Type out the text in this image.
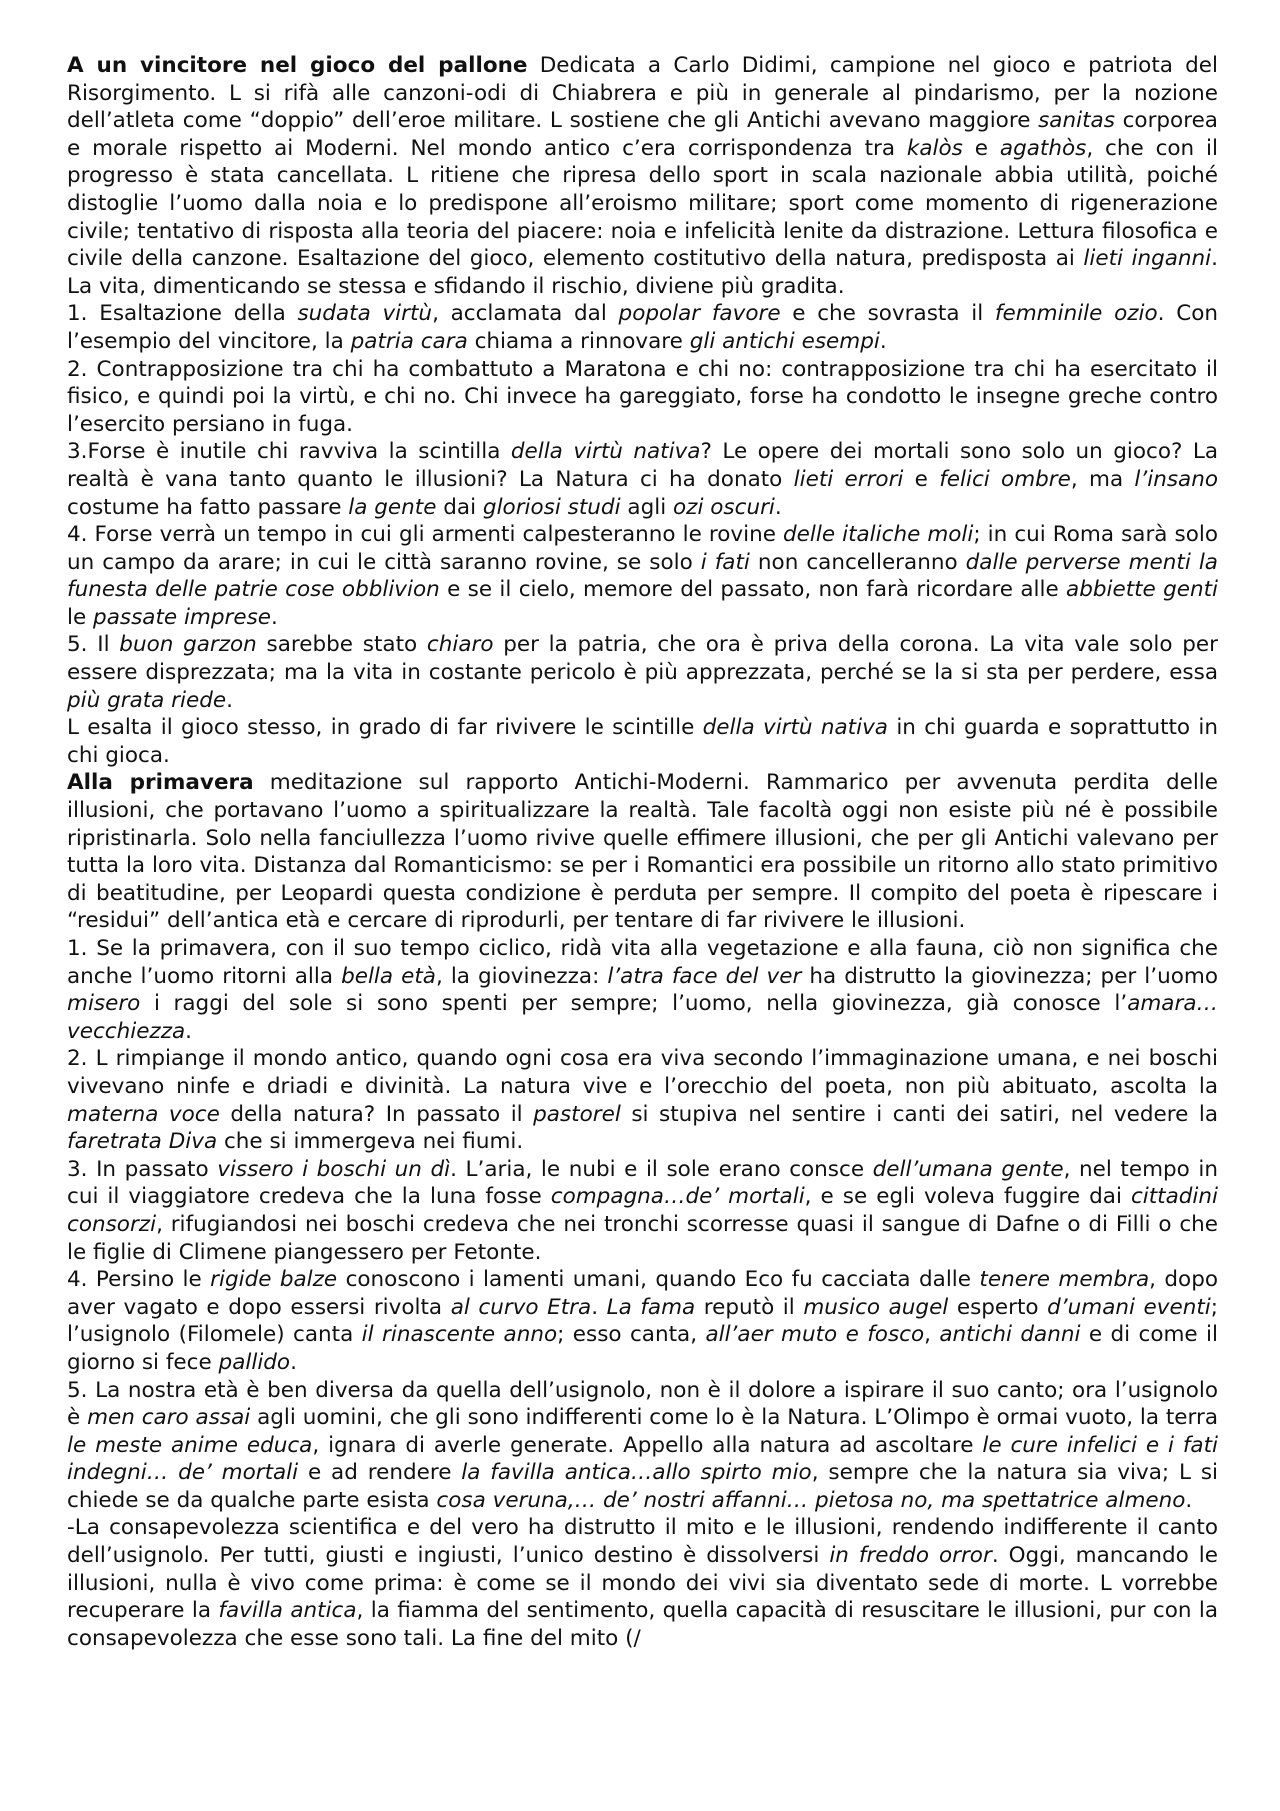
A un vincitore nel gioco del pallone Dedicata a Carlo Didimi, campione nel gioco e patriota del Risorgimento. L si rifà alle canzoni-odi di Chiabrera e più in generale al pindarismo, per la nozione dell’atleta come “doppio” dell’eroe militare. L sostiene che gli Antichi avevano maggiore sanitas corporea e morale rispetto ai Moderni. Nel mondo antico c’era corrispondenza tra kalòs e agathòs, che con il progresso è stata cancellata. L ritiene che ripresa dello sport in scala nazionale abbia utilità, poiché distoglie l’uomo dalla noia e lo predispone all’eroismo militare; sport come momento di rigenerazione civile; tentativo di risposta alla teoria del piacere: noia e infelicità lenite da distrazione. Lettura filosofica e civile della canzone. Esaltazione del gioco, elemento costitutivo della natura, predisposta ai lieti inganni. La vita, dimenticando se stessa e sfidando il rischio, diviene più gradita.

1. Esaltazione della sudata virtù, acclamata dal popolar favore e che sovrasta il femminile ozio. Con l’esempio del vincitore, la patria cara chiama a rinnovare gli antichi esempi.

2. Contrapposizione tra chi ha combattuto a Maratona e chi no: contrapposizione tra chi ha esercitato il fisico, e quindi poi la virtù, e chi no. Chi invece ha gareggiato, forse ha condotto le insegne greche contro l’esercito persiano in fuga.

3.Forse è inutile chi ravviva la scintilla della virtù nativa? Le opere dei mortali sono solo un gioco? La realtà è vana tanto quanto le illusioni? La Natura ci ha donato lieti errori e felici ombre, ma l’insano costume ha fatto passare la gente dai gloriosi studi agli ozi oscuri.

4. Forse verrà un tempo in cui gli armenti calpesteranno le rovine delle italiche moli; in cui Roma sarà solo un campo da arare; in cui le città saranno rovine, se solo i fati non cancelleranno dalle perverse menti la funesta delle patrie cose obblivion e se il cielo, memore del passato, non farà ricordare alle abbiette genti le passate imprese.

5. Il buon garzon sarebbe stato chiaro per la patria, che ora è priva della corona. La vita vale solo per essere disprezzata; ma la vita in costante pericolo è più apprezzata, perché se la si sta per perdere, essa più grata riede.

L esalta il gioco stesso, in grado di far rivivere le scintille della virtù nativa in chi guarda e soprattutto in chi gioca.

Alla primavera meditazione sul rapporto Antichi-Moderni. Rammarico per avvenuta perdita delle illusioni, che portavano l’uomo a spiritualizzare la realtà. Tale facoltà oggi non esiste più né è possibile ripristinarla. Solo nella fanciullezza l’uomo rivive quelle effimere illusioni, che per gli Antichi valevano per tutta la loro vita. Distanza dal Romanticismo: se per i Romantici era possibile un ritorno allo stato primitivo di beatitudine, per Leopardi questa condizione è perduta per sempre. Il compito del poeta è ripescare i “residui” dell’antica età e cercare di riprodurli, per tentare di far rivivere le illusioni.

1. Se la primavera, con il suo tempo ciclico, ridà vita alla vegetazione e alla fauna, ciò non significa che anche l’uomo ritorni alla bella età, la giovinezza: l’atra face del ver ha distrutto la giovinezza; per l’uomo misero i raggi del sole si sono spenti per sempre; l’uomo, nella giovinezza, già conosce l’amara…vecchiezza.

2. L rimpiange il mondo antico, quando ogni cosa era viva secondo l’immaginazione umana, e nei boschi vivevano ninfe e driadi e divinità. La natura vive e l’orecchio del poeta, non più abituato, ascolta la materna voce della natura? In passato il pastorel si stupiva nel sentire i canti dei satiri, nel vedere la faretrata Diva che si immergeva nei fiumi.

3. In passato vissero i boschi un dì. L’aria, le nubi e il sole erano consce dell’umana gente, nel tempo in cui il viaggiatore credeva che la luna fosse compagna…de’ mortali, e se egli voleva fuggire dai cittadini consorzi, rifugiandosi nei boschi credeva che nei tronchi scorresse quasi il sangue di Dafne o di Filli o che le figlie di Climene piangessero per Fetonte.

4. Persino le rigide balze conoscono i lamenti umani, quando Eco fu cacciata dalle tenere membra, dopo aver vagato e dopo essersi rivolta al curvo Etra. La fama reputò il musico augel esperto d’umani eventi; l’usignolo (Filomele) canta il rinascente anno; esso canta, all’aer muto e fosco, antichi danni e di come il giorno si fece pallido.

5. La nostra età è ben diversa da quella dell’usignolo, non è il dolore a ispirare il suo canto; ora l’usignolo è men caro assai agli uomini, che gli sono indifferenti come lo è la Natura. L’Olimpo è ormai vuoto, la terra le meste anime educa, ignara di averle generate. Appello alla natura ad ascoltare le cure infelici e i fati indegni… de’ mortali e ad rendere la favilla antica…allo spirto mio, sempre che la natura sia viva; L si chiede se da qualche parte esista cosa veruna,… de’ nostri affanni… pietosa no, ma spettatrice almeno.

-La consapevolezza scientifica e del vero ha distrutto il mito e le illusioni, rendendo indifferente il canto dell’usignolo. Per tutti, giusti e ingiusti, l’unico destino è dissolversi in freddo orror. Oggi, mancando le illusioni, nulla è vivo come prima: è come se il mondo dei vivi sia diventato sede di morte. L vorrebbe recuperare la favilla antica, la fiamma del sentimento, quella capacità di resuscitare le illusioni, pur con la consapevolezza che esse sono tali. La fine del mito (/
